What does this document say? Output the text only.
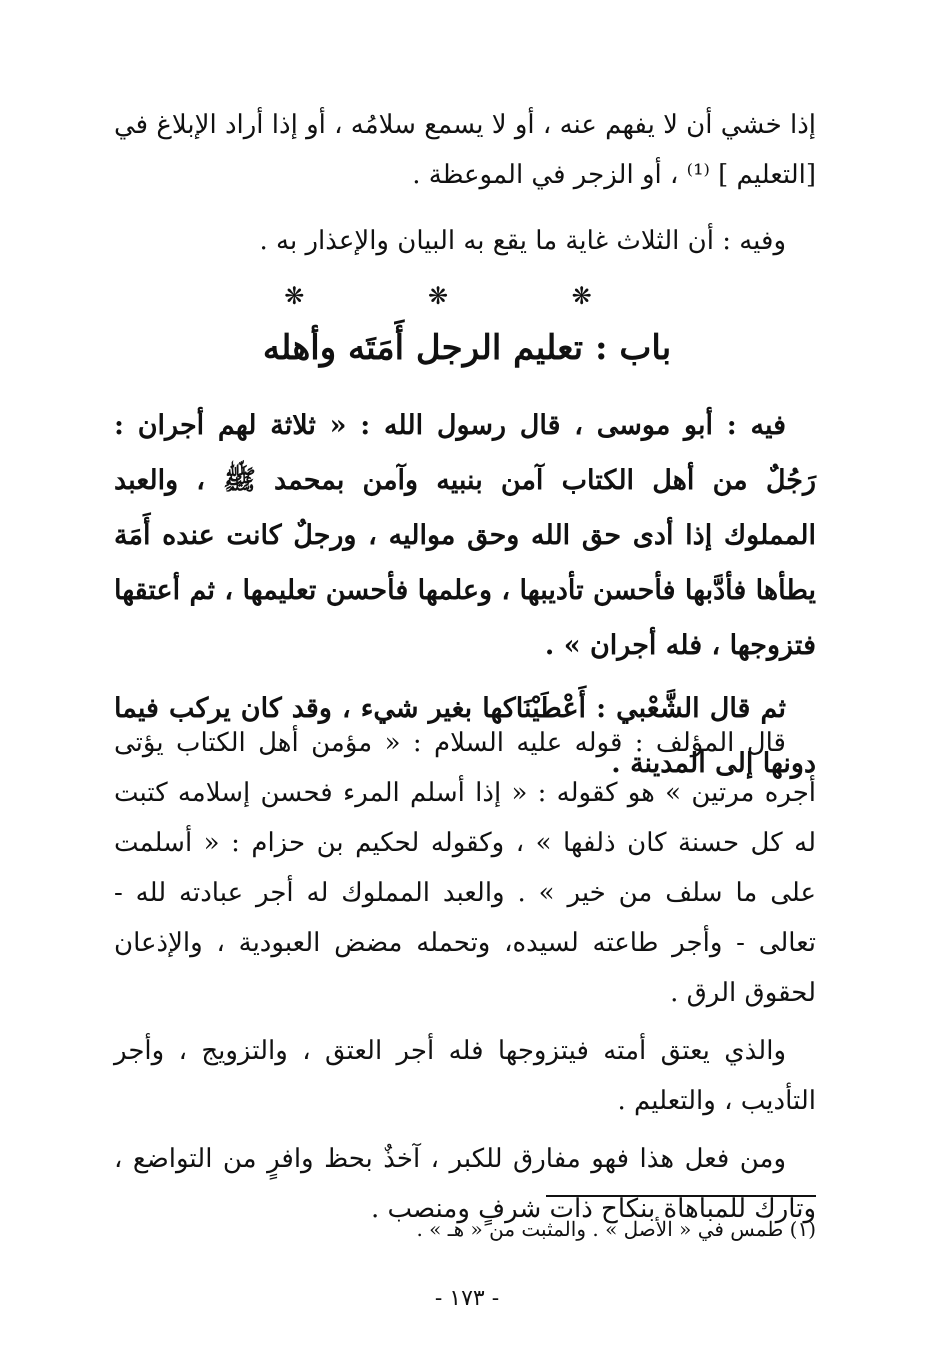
إذا خشي أن لا يفهم عنه ، أو لا يسمع سلامُه ، أو إذا أراد الإبلاغ في [التعليم ] ⁽¹⁾ ، أو الزجر في الموعظة .

وفيه : أن الثلاث غاية ما يقع به البيان والإعذار به .

❋ ❋ ❋
باب : تعليم الرجل أَمَتَه وأهله

فيه : أبو موسى ، قال رسول الله : « ثلاثة لهم أجران : رَجُلٌ من أهل الكتاب آمن بنبيه وآمن بمحمد ﷺ ، والعبد المملوك إذا أدى حق الله وحق مواليه ، ورجلٌ كانت عنده أَمَة يطأها فأدَّبها فأحسن تأديبها ، وعلمها فأحسن تعليمها ، ثم أعتقها فتزوجها ، فله أجران » .

ثم قال الشَّعْبي : أَعْطَيْنَاكها بغير شيء ، وقد كان يركب فيما دونها إلى المدينة .

قال المؤلف : قوله عليه السلام : « مؤمن أهل الكتاب يؤتى أجره مرتين » هو كقوله : « إذا أسلم المرء فحسن إسلامه كتبت له كل حسنة كان ذلفها » ، وكقوله لحكيم بن حزام : « أسلمت على ما سلف من خير » . والعبد المملوك له أجر عبادته لله - تعالى - وأجر طاعته لسيده، وتحمله مضض العبودية ، والإذعان لحقوق الرق .

والذي يعتق أمته فيتزوجها فله أجر العتق ، والتزويج ، وأجر التأديب ، والتعليم .

ومن فعل هذا فهو مفارق للكبر ، آخذٌ بحظ وافرٍ من التواضع ، وتارك للمباهاة بنكاح ذات شرفٍ ومنصب .

(١) طمس في « الأصل » . والمثبت من « هـ » .

- ١٧٣ -
